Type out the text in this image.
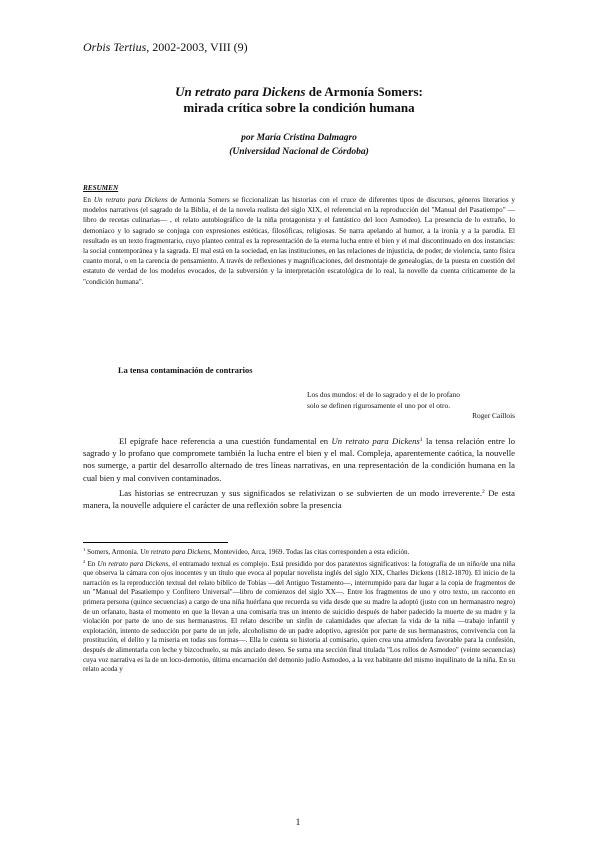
Orbis Tertius, 2002-2003, VIII (9)
Un retrato para Dickens de Armonía Somers:
mirada crítica sobre la condición humana
por María Cristina Dalmagro
(Universidad Nacional de Córdoba)
RESUMEN

En Un retrato para Dickens de Armonía Somers se ficcionalizan las historias con el cruce de diferentes tipos de discursos, géneros literarios y modelos narrativos (el sagrado de la Biblia, el de la novela realista del siglo XIX, el referencial en la reproducción del "Manual del Pasatiempo" —libro de recetas culinarias— , el relato autobiográfico de la niña protagonista y el fantástico del loco Asmodeo). La presencia de lo extraño, lo demoníaco y lo sagrado se conjuga con expresiones estéticas, filosóficas, religiosas. Se narra apelando al humor, a la ironía y a la parodia. El resultado es un texto fragmentario, cuyo planteo central es la representación de la eterna lucha entre el bien y el mal discontinuado en dos instancias: la social contemporánea y la sagrada. El mal está en la sociedad, en las instituciones, en las relaciones de injusticia, de poder, de violencia, tanto física cuanto moral, o en la carencia de pensamiento. A través de reflexiones y magnificaciones, del desmontaje de genealogías, de la puesta en cuestión del estatuto de verdad de los modelos evocados, de la subversión y la interpretación escatológica de lo real, la novelle da cuenta críticamente de la "condición humana".

La tensa contaminación de contrarios

Los dos mundos: el de lo sagrado y el de lo profano

solo se definen rigurosamente el uno por el otro.

Roger Caillois

El epígrafe hace referencia a una cuestión fundamental en Un retrato para Dickens$^1$ la tensa relación entre lo sagrado y lo profano que compromete también la lucha entre el bien y el mal. Compleja, aparentemente caótica, la nouvelle nos sumerge, a partir del desarrollo alternado de tres líneas narrativas, en una representación de la condición humana en la cual bien y mal conviven contaminados.

Las historias se entrecruzan y sus significados se relativizan o se subvierten de un modo irreverente.$^2$ De esta manera, la nouvelle adquiere el carácter de una reflexión sobre la presencia

$^1$ Somers, Armonía. Un retrato para Dickens, Montevideo, Arca, 1969. Todas las citas corresponden a esta edición.

$^2$ En Un retrato para Dickens, el entramado textual es complejo. Está presidido por dos paratextos significativos: la fotografía de un niño/de una niña que observa la cámara con ojos inocentes y un título que evoca al popular novelista inglés del siglo XIX, Charles Dickens (1812-1870). El inicio de la narración es la reproducción textual del relato bíblico de Tobías —del Antiguo Testamento—, interrumpido para dar lugar a la copia de fragmentos de un "Manual del Pasatiempo y Confitero Universal"—libro de comienzos del siglo XX—. Entre los fragmentos de uno y otro texto, un racconto en primera persona (quince secuencias) a cargo de una niña huérfana que recuerda su vida desde que su madre la adoptó (justo con un hermanastro negro) de un orfanato, hasta el momento en que la llevan a una comisaría tras un intento de suicidio después de haber padecido la muerte de su madre y la violación por parte de uno de sus hermanastros. El relato describe un sinfín de calamidades que afectan la vida de la niña —trabajo infantil y explotación, intento de seducción por parte de un jefe, alcoholismo de un padre adoptivo, agresión por parte de sus hermanastros, convivencia con la prostitución, el delito y la miseria en todas sus formas—. Ella le cuenta su historia al comisario, quien crea una atmósfera favorable para la confesión, después de alimentarla con leche y bizcochuelo, su más anciado deseo. Se suma una sección final titulada "Los rollos de Asmodeo" (veinte secuencias) cuya voz narrativa es la de un loco-demonio, última encarnación del demonio judío Asmodeo, a la vez habitante del mismo inquilinato de la niña. En su relato acoda y

1
